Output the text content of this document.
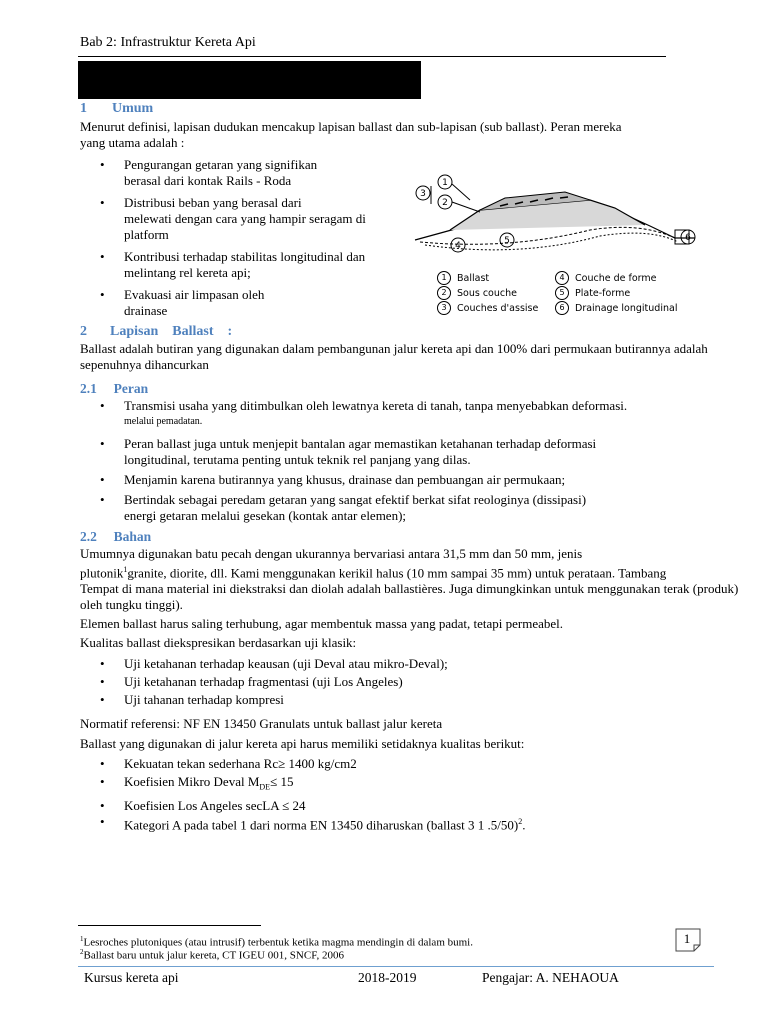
Bab 2: Infrastruktur Kereta Api
1 Umum
Menurut definisi, lapisan dudukan mencakup lapisan ballast dan sub-lapisan (sub ballast). Peran mereka
yang utama adalah :
• Pengurangan getaran yang signifikan
berasal dari kontak Rails - Roda
• Distribusi beban yang berasal dari
melewati dengan cara yang hampir seragam di
platform
• Kontribusi terhadap stabilitas longitudinal dan
melintang rel kereta api;
• Evakuasi air limpasan oleh
drainase
1
2
3
4	5	6
1	Ballast	4	Couche de forme
2	Sous couche	5	Plate-forme
3	Couches d'assise	6	Drainage longitudinal
2 Lapisan    Ballast    :
Ballast adalah butiran yang digunakan dalam pembangunan jalur kereta api dan 100% dari permukaan butirannya adalah
sepenuhnya dihancurkan
2.1 Peran
• Transmisi usaha yang ditimbulkan oleh lewatnya kereta di tanah, tanpa menyebabkan deformasi.
melalui pemadatan.
• Peran ballast juga untuk menjepit bantalan agar memastikan ketahanan terhadap deformasi
longitudinal, terutama penting untuk teknik rel panjang yang dilas.
• Menjamin karena butirannya yang khusus, drainase dan pembuangan air permukaan;
• Bertindak sebagai peredam getaran yang sangat efektif berkat sifat reologinya (dissipasi)
energi getaran melalui gesekan (kontak antar elemen);
2.2 Bahan
Umumnya digunakan batu pecah dengan ukurannya bervariasi antara 31,5 mm dan 50 mm, jenis
plutonik$^1$granite, diorite, dll. Kami menggunakan kerikil halus (10 mm sampai 35 mm) untuk perataan. Tambang
Tempat di mana material ini diekstraksi dan diolah adalah ballastières. Juga dimungkinkan untuk menggunakan terak (produk)
oleh tungku tinggi).
Elemen ballast harus saling terhubung, agar membentuk massa yang padat, tetapi permeabel.
Kualitas ballast diekspresikan berdasarkan uji klasik:
• Uji ketahanan terhadap keausan (uji Deval atau mikro-Deval);
• Uji ketahanan terhadap fragmentasi (uji Los Angeles)
• Uji tahanan terhadap kompresi
Normatif referensi: NF EN 13450 Granulats untuk ballast jalur kereta
Ballast yang digunakan di jalur kereta api harus memiliki setidaknya kualitas berikut:
• Kekuatan tekan sederhana Rc≥ 1400 kg/cm2
• Koefisien Mikro Deval $M_{DE}\le 15$
• Koefisien Los Angeles secLA ≤ 24
• Kategori A pada tabel 1 dari norma EN 13450 diharuskan (ballast 3 1 .5/50)$^2$.
$^1$Lesroches plutoniques (atau intrusif) terbentuk ketika magma mendingin di dalam bumi.
$^2$Ballast baru untuk jalur kereta, CT IGEU 001, SNCF, 2006
1
Kursus kereta api	2018-2019	Pengajar: A. NEHAOUA
